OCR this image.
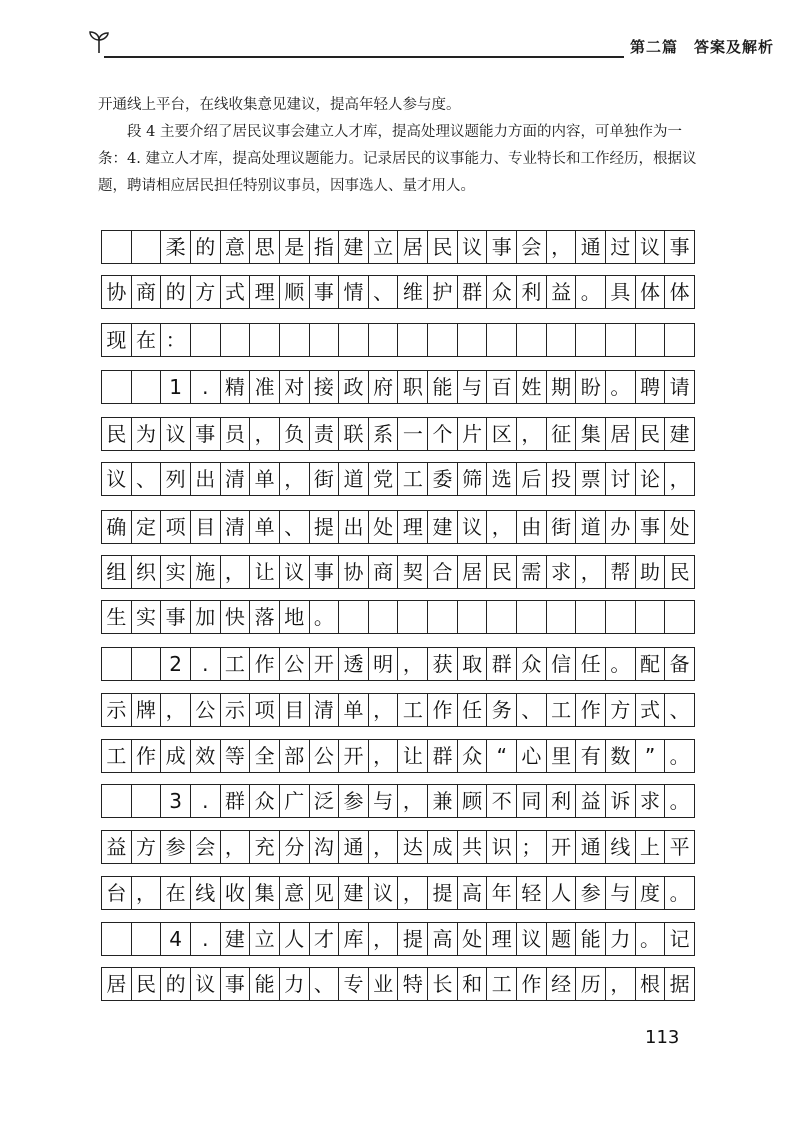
第二篇　答案及解析

开通线上平台，在线收集意见建议，提高年轻人参与度。

段 4 主要介绍了居民议事会建立人才库，提高处理议题能力方面的内容，可单独作为一条：4. 建立人才库，提高处理议题能力。记录居民的议事能力、专业特长和工作经历，根据议题，聘请相应居民担任特别议事员，因事选人、量才用人。

柔 的 意 思 是 指 建 立 居 民 议 事 会 ， 通 过 议 事
协 商 的 方 式 理 顺 事 情 、 维 护 群 众 利 益 。 具 体 体
现 在 ：
1	. 精 准 对 接 政 府 职 能 与 百 姓 期 盼 。 聘 请
民 为 议 事 员 ， 负 责 联 系 一 个 片 区 ， 征 集 居 民 建
议 、 列 出 清 单 ， 街 道 党 工 委 筛 选 后 投 票 讨 论 ，
确 定 项 目 清 单 、 提 出 处 理 建 议 ， 由 街 道 办 事 处
组 织 实 施 ， 让 议 事 协 商 契 合 居 民 需 求 ， 帮 助 民
生 实 事 加 快 落 地 。
2	. 工 作 公 开 透 明 ， 获 取 群 众 信 任 。 配 备
示 牌 ， 公 示 项 目 清 单 ， 工 作 任 务 、 工 作 方 式 、
工 作 成 效 等 全 部 公 开 ， 让 群 众 “ 心 里 有 数 ” 。
3	. 群 众 广 泛 参 与 ， 兼 顾 不 同 利 益 诉 求 。
益 方 参 会 ， 充 分 沟 通 ， 达 成 共 识 ； 开 通 线 上 平
台 ， 在 线 收 集 意 见 建 议 ， 提 高 年 轻 人 参 与 度 。
4	. 建 立 人 才 库 ， 提 高 处 理 议 题 能 力 。 记
居 民 的 议 事 能 力 、 专 业 特 长 和 工 作 经 历 ， 根 据
113
